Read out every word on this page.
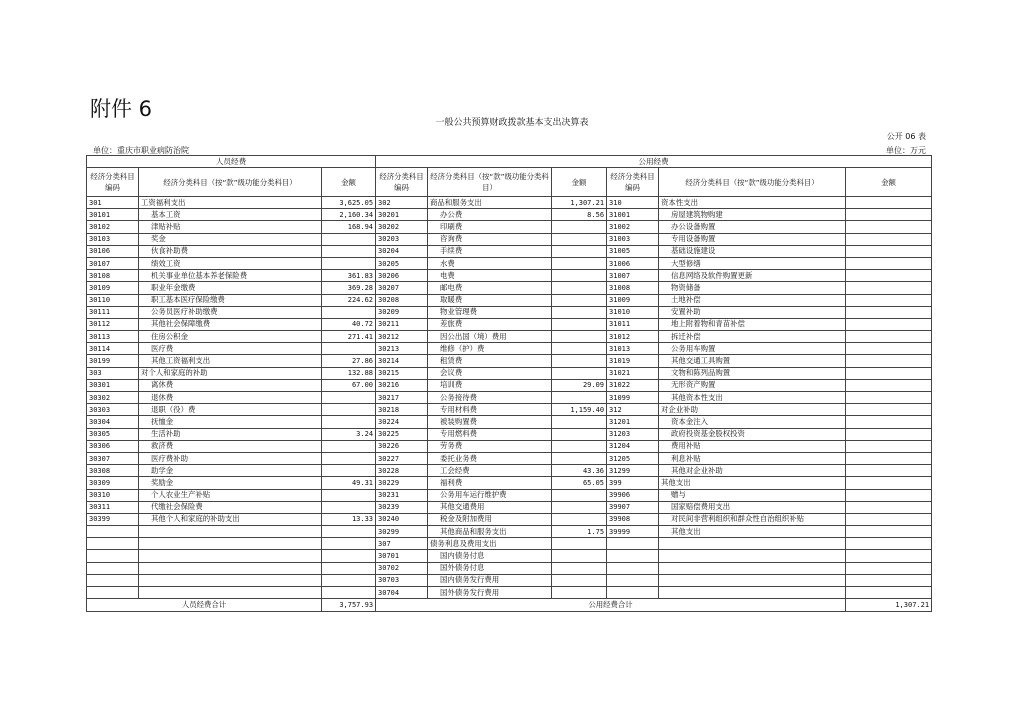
附件 6
一般公共预算财政拨款基本支出决算表
公开 06 表
单位：重庆市职业病防治院	单位：万元
人员经费			公用经费					
经济分类科目编码	经济分类科目（按“款”级功能分类科目）	金额	经济分类科目编码	经济分类科目（按“款”级功能分类科目）	金额	经济分类科目编码	经济分类科目（按“款”级功能分类科目）	金额
301	工资福利支出	3,625.05	302	商品和服务支出	1,307.21	310	资本性支出	
30101	基本工资	2,160.34	30201	办公费	8.56	31001	房屋建筑物购建	
30102	津贴补贴	168.94	30202	印刷费		31002	办公设备购置	
30103	奖金		30203	咨询费		31003	专用设备购置	
30106	伙食补助费		30204	手续费		31005	基础设施建设	
30107	绩效工资		30205	水费		31006	大型修缮	
30108	机关事业单位基本养老保险费	361.83	30206	电费		31007	信息网络及软件购置更新	
30109	职业年金缴费	369.28	30207	邮电费		31008	物资储备	
30110	职工基本医疗保险缴费	224.62	30208	取暖费		31009	土地补偿	
30111	公务员医疗补助缴费		30209	物业管理费		31010	安置补助	
30112	其他社会保障缴费	40.72	30211	差旅费		31011	地上附着物和青苗补偿	
30113	住房公积金	271.41	30212	因公出国（境）费用		31012	拆迁补偿	
30114	医疗费		30213	维修（护）费		31013	公务用车购置	
30199	其他工资福利支出	27.86	30214	租赁费		31019	其他交通工具购置	
303	对个人和家庭的补助	132.88	30215	会议费		31021	文物和陈列品购置	
30301	离休费	67.00	30216	培训费	29.09	31022	无形资产购置	
30302	退休费		30217	公务接待费		31099	其他资本性支出	
30303	退职（役）费		30218	专用材料费	1,159.40	312	对企业补助	
30304	抚恤金		30224	被装购置费		31201	资本金注入	
30305	生活补助	3.24	30225	专用燃料费		31203	政府投资基金股权投资	
30306	救济费		30226	劳务费		31204	费用补贴	
30307	医疗费补助		30227	委托业务费		31205	利息补贴	
30308	助学金		30228	工会经费	43.36	31299	其他对企业补助	
30309	奖励金	49.31	30229	福利费	65.05	399	其他支出	
30310	个人农业生产补贴		30231	公务用车运行维护费		39906	赠与	
30311	代缴社会保险费		30239	其他交通费用		39907	国家赔偿费用支出	
30399	其他个人和家庭的补助支出	13.33	30240	税金及附加费用		39908	对民间非营利组织和群众性自治组织补贴	
			30299	其他商品和服务支出	1.75	39999	其他支出	
			307	债务利息及费用支出				
			30701	国内债务付息				
			30702	国外债务付息				
			30703	国内债务发行费用				
			30704	国外债务发行费用				
人员经费合计		3,757.93	公用经费合计					1,307.21
